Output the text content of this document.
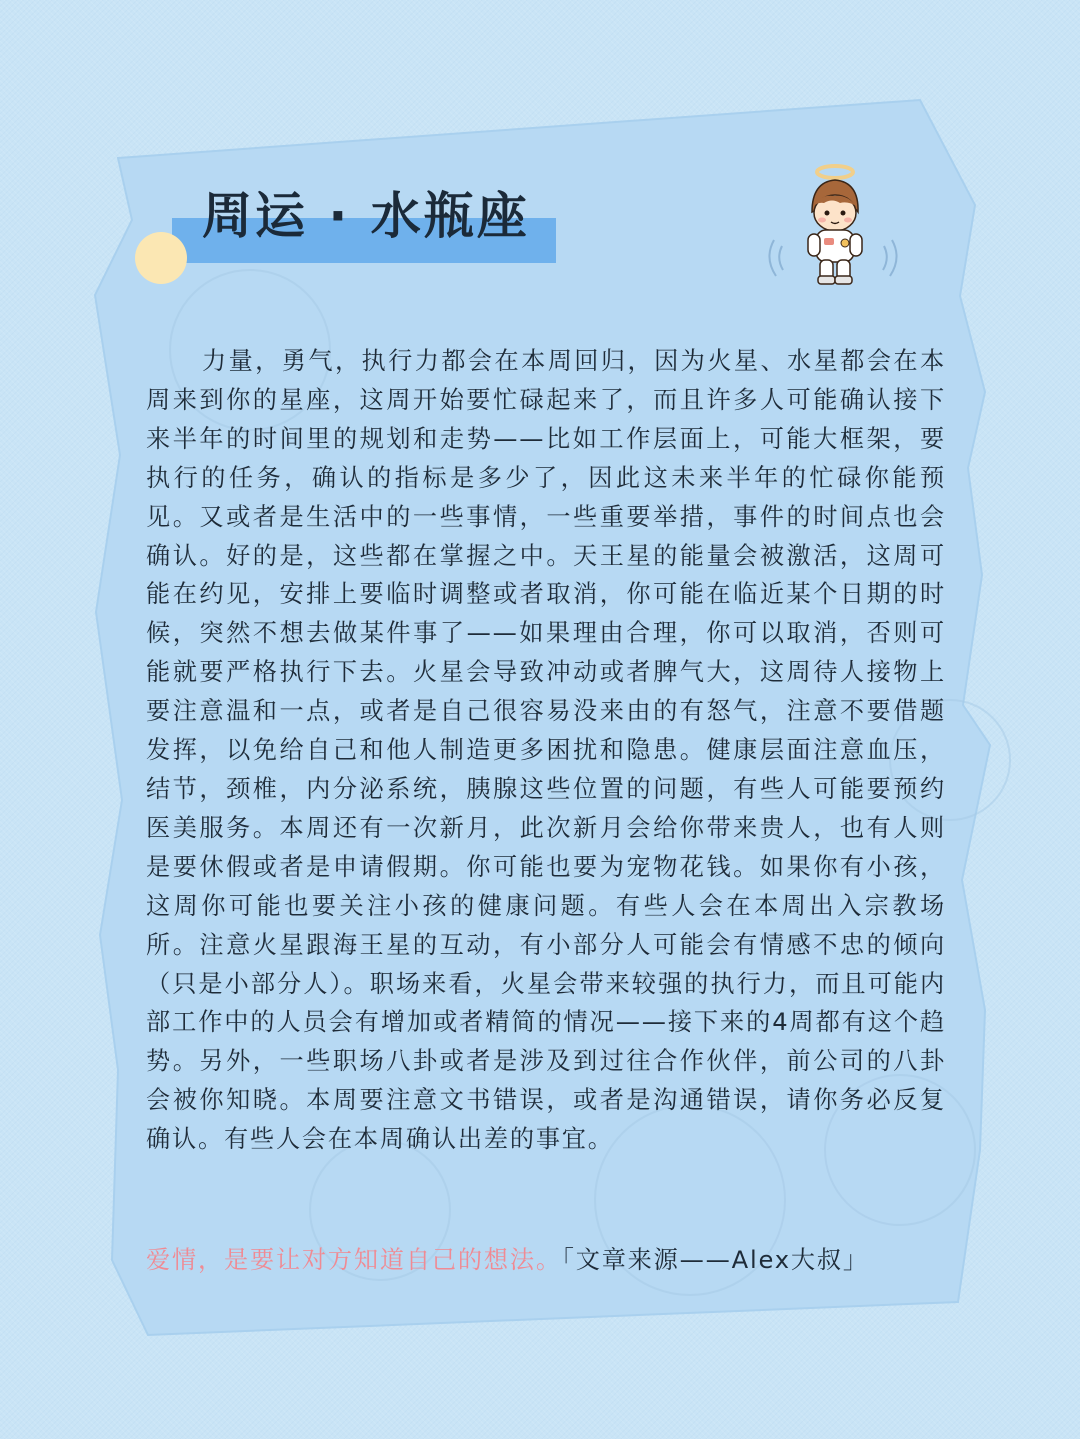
周运 · 水瓶座

力量，勇气，执行力都会在本周回归，因为火星、水星都会在本周来到你的星座，这周开始要忙碌起来了，而且许多人可能确认接下来半年的时间里的规划和走势——比如工作层面上，可能大框架，要执行的任务，确认的指标是多少了，因此这未来半年的忙碌你能预见。又或者是生活中的一些事情，一些重要举措，事件的时间点也会确认。好的是，这些都在掌握之中。天王星的能量会被激活，这周可能在约见，安排上要临时调整或者取消，你可能在临近某个日期的时候，突然不想去做某件事了——如果理由合理，你可以取消，否则可能就要严格执行下去。火星会导致冲动或者脾气大，这周待人接物上要注意温和一点，或者是自己很容易没来由的有怒气，注意不要借题发挥，以免给自己和他人制造更多困扰和隐患。健康层面注意血压，结节，颈椎，内分泌系统，胰腺这些位置的问题，有些人可能要预约医美服务。本周还有一次新月，此次新月会给你带来贵人，也有人则是要休假或者是申请假期。你可能也要为宠物花钱。如果你有小孩，这周你可能也要关注小孩的健康问题。有些人会在本周出入宗教场所。注意火星跟海王星的互动，有小部分人可能会有情感不忠的倾向（只是小部分人）。职场来看，火星会带来较强的执行力，而且可能内部工作中的人员会有增加或者精简的情况——接下来的4周都有这个趋势。另外，一些职场八卦或者是涉及到过往合作伙伴，前公司的八卦会被你知晓。本周要注意文书错误，或者是沟通错误，请你务必反复确认。有些人会在本周确认出差的事宜。

爱情，是要让对方知道自己的想法。「文章来源——Alex大叔」
